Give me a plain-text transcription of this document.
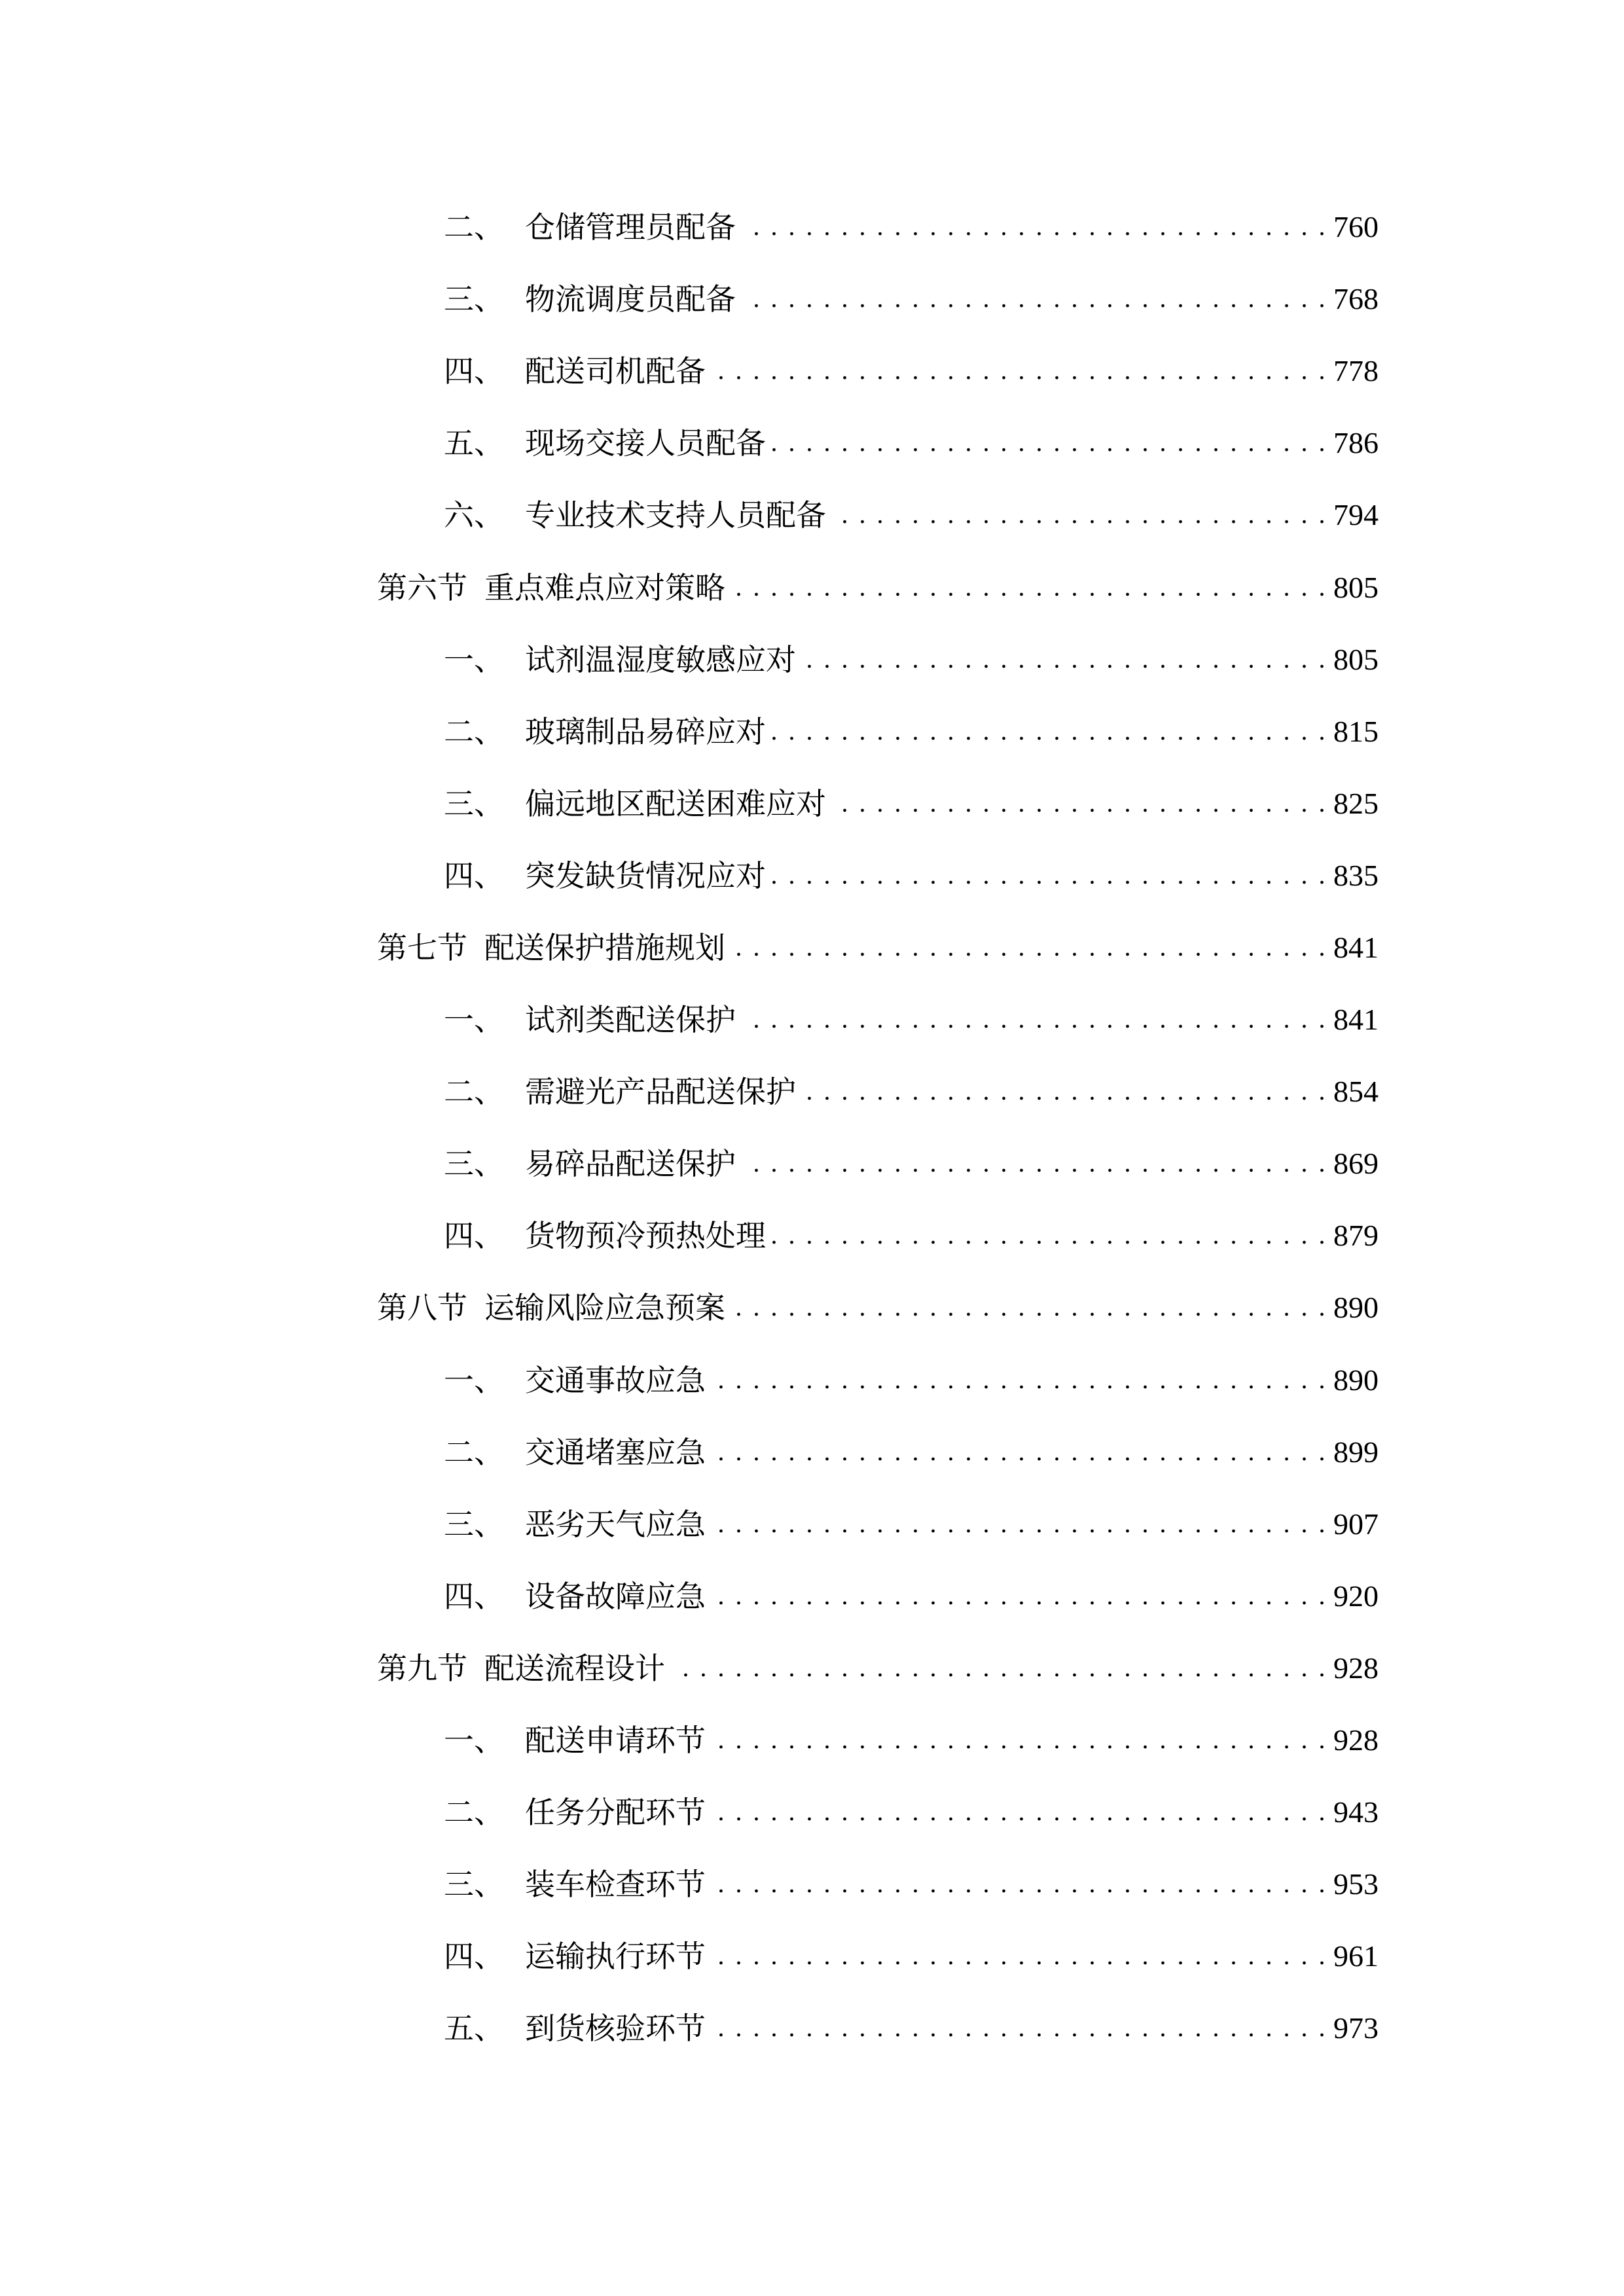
二、 仓储管理员配备 . . .	760
三、 物流调度员配备 . . .	768
四、 配送司机配备 . . .	778
五、 现场交接人员配备 . . .	786
六、 专业技术支持人员配备 . . .	794
第六节 重点难点应对策略 . . .	805
一、 试剂温湿度敏感应对 . . .	805
二、 玻璃制品易碎应对 . . .	815
三、 偏远地区配送困难应对 . . .	825
四、 突发缺货情况应对 . . .	835
第七节 配送保护措施规划 . . .	841
一、 试剂类配送保护 . . .	841
二、 需避光产品配送保护 . . .	854
三、 易碎品配送保护 . . .	869
四、 货物预冷预热处理 . . .	879
第八节 运输风险应急预案 . . .	890
一、 交通事故应急 . . .	890
二、 交通堵塞应急 . . .	899
三、 恶劣天气应急 . . .	907
四、 设备故障应急 . . .	920
第九节 配送流程设计 . . .	928
一、 配送申请环节 . . .	928
二、 任务分配环节 . . .	943
三、 装车检查环节 . . .	953
四、 运输执行环节 . . .	961
五、 到货核验环节 . . .	973
